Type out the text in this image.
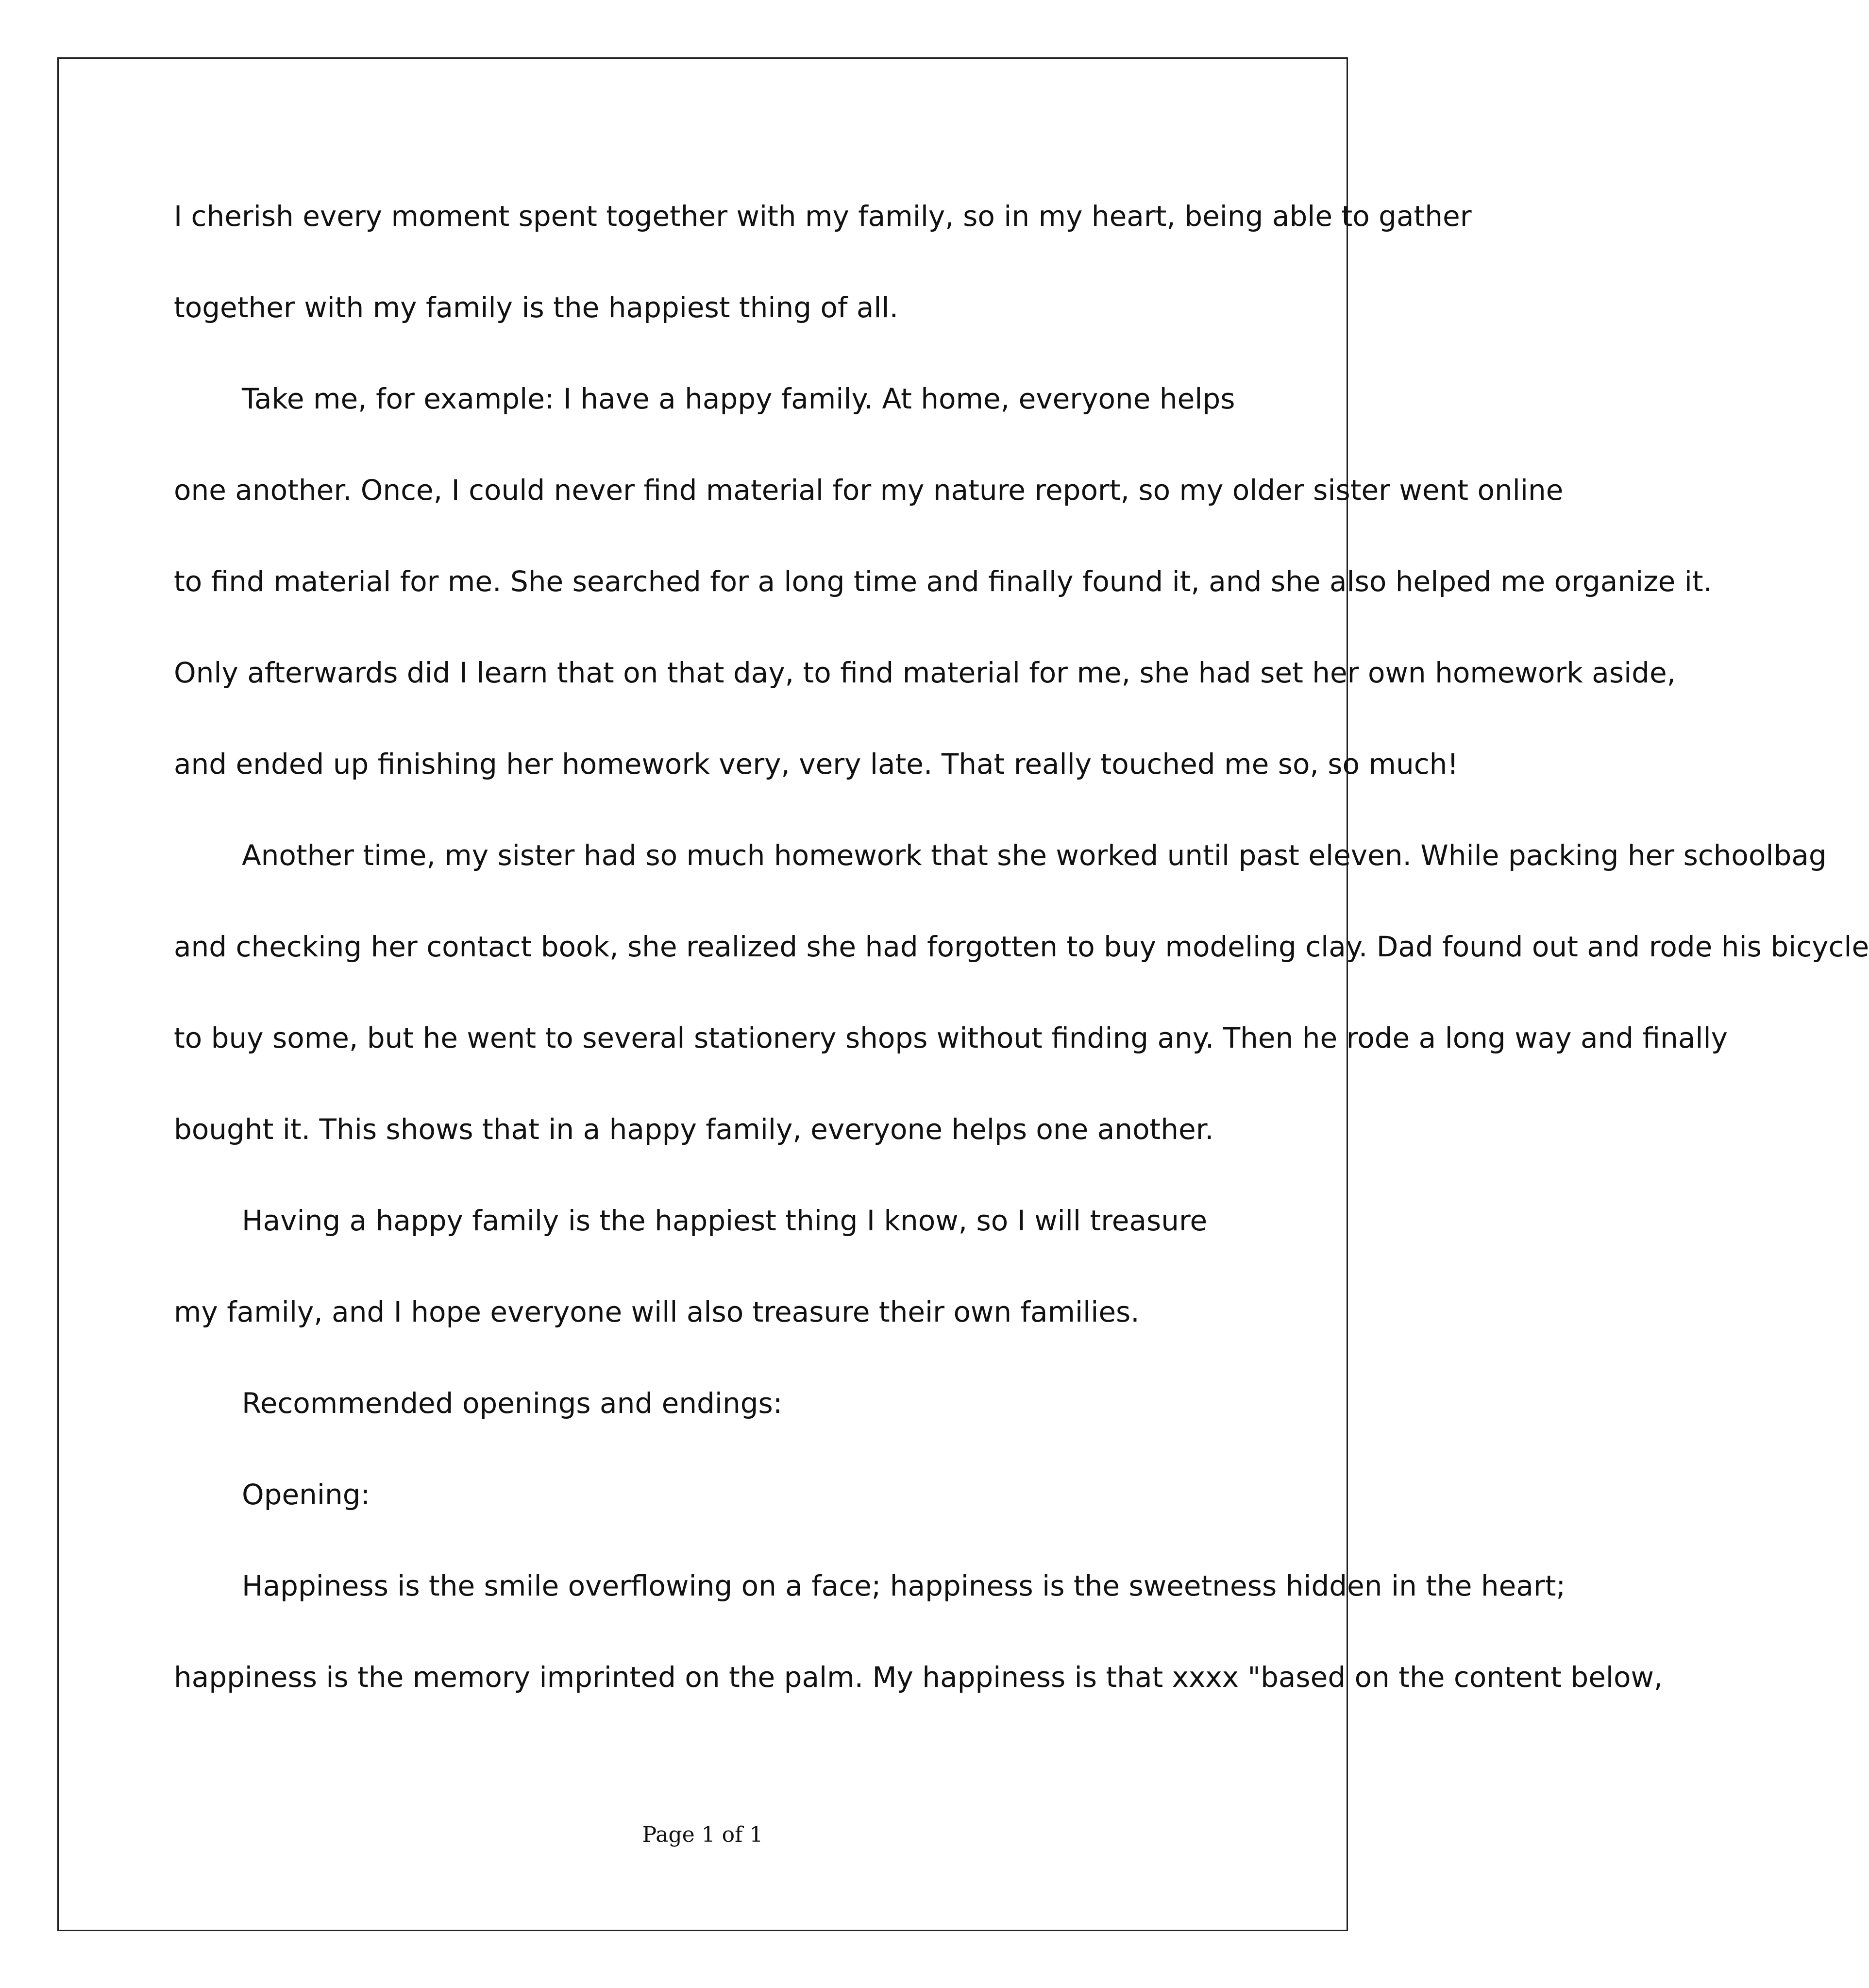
I cherish every moment spent together with my family, so in my heart, being able to gather
together with my family is the happiest thing of all.
Take me, for example: I have a happy family. At home, everyone helps
one another. Once, I could never find material for my nature report, so my older sister went online
to find material for me. She searched for a long time and finally found it, and she also helped me organize it.
Only afterwards did I learn that on that day, to find material for me, she had set her own homework aside,
and ended up finishing her homework very, very late. That really touched me so, so much!
Another time, my sister had so much homework that she worked until past eleven. While packing her schoolbag
and checking her contact book, she realized she had forgotten to buy modeling clay. Dad found out and rode his bicycle
to buy some, but he went to several stationery shops without finding any. Then he rode a long way and finally
bought it. This shows that in a happy family, everyone helps one another.
Having a happy family is the happiest thing I know, so I will treasure
my family, and I hope everyone will also treasure their own families.
Recommended openings and endings:
Opening:
Happiness is the smile overflowing on a face; happiness is the sweetness hidden in the heart;
happiness is the memory imprinted on the palm. My happiness is that xxxx "based on the content below,
Page 1 of 1
